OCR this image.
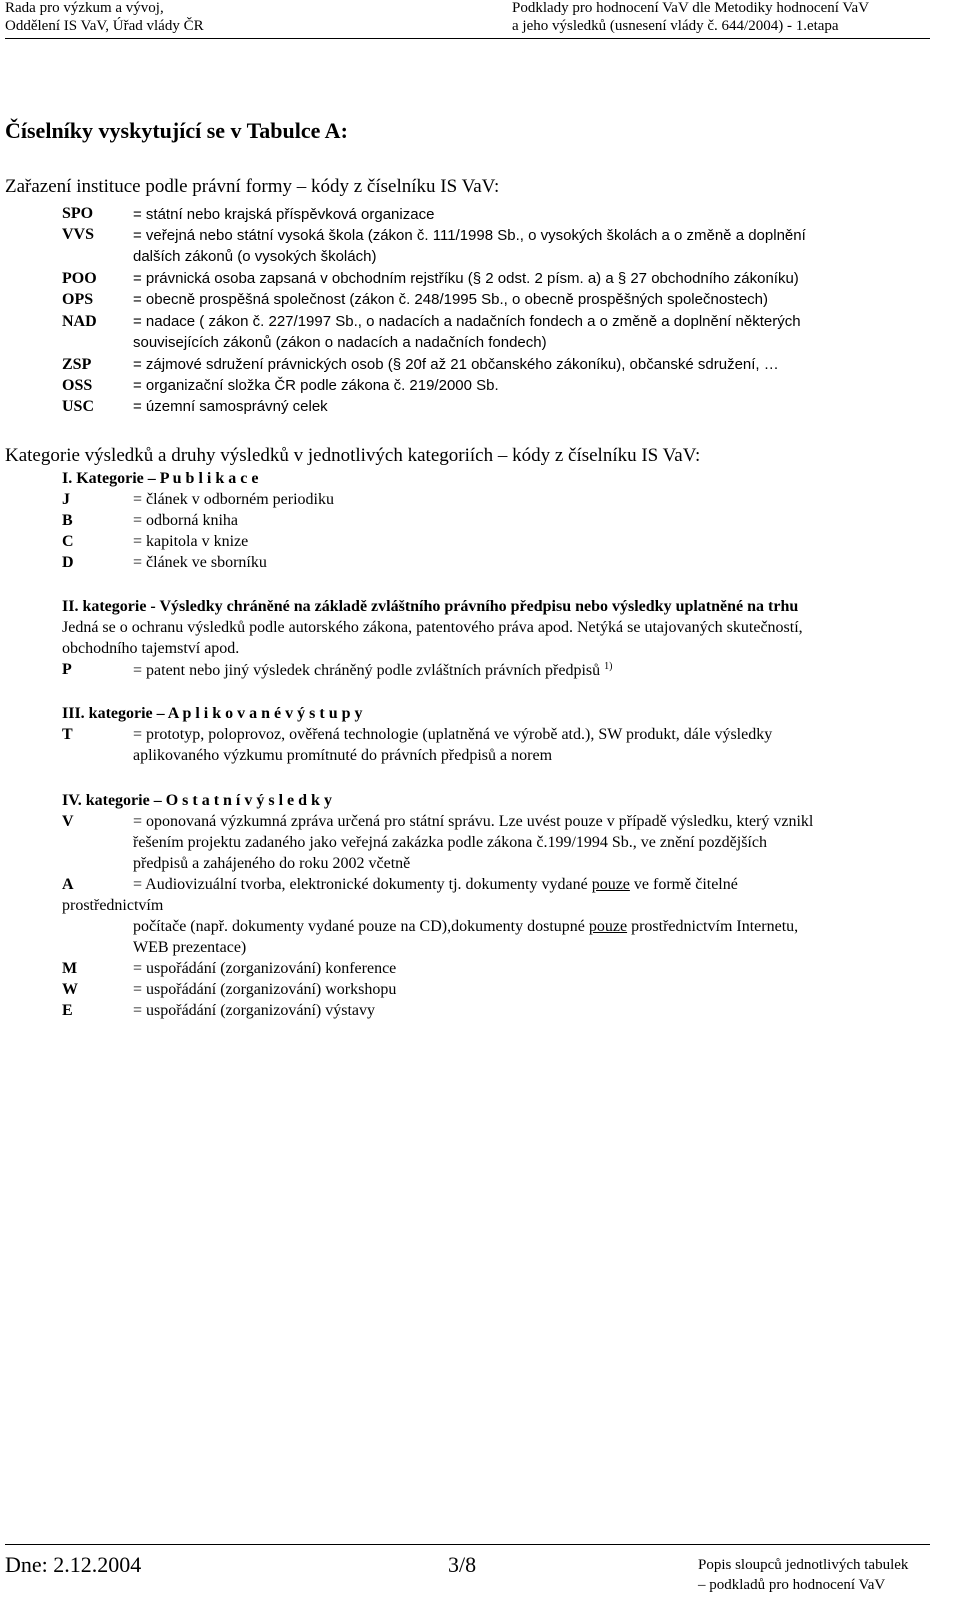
Rada pro výzkum a vývoj,
Oddělení IS VaV, Úřad vlády ČR
Podklady pro hodnocení VaV dle Metodiky hodnocení VaV
a jeho výsledků (usnesení vlády č. 644/2004) - 1.etapa
Číselníky vyskytující se v Tabulce A:
Zařazení instituce podle právní formy – kódy z číselníku IS VaV:
SPO	= státní nebo krajská příspěvková organizace
VVS	= veřejná nebo státní vysoká škola (zákon č. 111/1998 Sb., o vysokých školách a o změně a doplnění
dalších zákonů (o vysokých školách)
POO = právnická osoba zapsaná v obchodním rejstříku (§ 2 odst. 2 písm. a) a § 27 obchodního zákoníku)
OPS	= obecně prospěšná společnost (zákon č. 248/1995 Sb., o obecně prospěšných společnostech)
NAD = nadace ( zákon č. 227/1997 Sb., o nadacích a nadačních fondech a o změně a doplnění některých
souvisejících zákonů (zákon o nadacích a nadačních fondech)
ZSP	= zájmové sdružení právnických osob (§ 20f až 21 občanského zákoníku), občanské sdružení, …
OSS	= organizační složka ČR podle zákona č. 219/2000 Sb.
USC	= územní samosprávný celek
Kategorie výsledků a druhy výsledků v jednotlivých kategoriích – kódy z číselníku IS VaV:
I. Kategorie – P u b l i k a c e
J	= článek v odborném periodiku
B	= odborná kniha
C	= kapitola v knize
D	= článek ve sborníku
II. kategorie - Výsledky chráněné na základě zvláštního právního předpisu nebo výsledky uplatněné na trhu
Jedná se o ochranu výsledků podle autorského zákona, patentového práva apod. Netýká se utajovaných skutečností,
obchodního tajemství apod.
P	= patent nebo jiný výsledek chráněný podle zvláštních právních předpisů $^{1)}$
III. kategorie – A p l i k o v a n é v ý s t u p y
T	= prototyp, poloprovoz, ověřená technologie (uplatněná ve výrobě atd.), SW produkt, dále výsledky
aplikovaného výzkumu promítnuté do právních předpisů a norem
IV. kategorie – O s t a t n í v ý s l e d k y
V	= oponovaná výzkumná zpráva určená pro státní správu. Lze uvést pouze v případě výsledku, který vznikl
řešením projektu zadaného jako veřejná zakázka podle zákona č.199/1994 Sb., ve znění pozdějších
předpisů a zahájeného do roku 2002 včetně
A	= Audiovizuální tvorba, elektronické dokumenty tj. dokumenty vydané pouze ve formě čitelné
prostřednictvím
počítače (např. dokumenty vydané pouze na CD),dokumenty dostupné pouze prostřednictvím Internetu,
WEB prezentace)
M	= uspořádání (zorganizování) konference
W	= uspořádání (zorganizování) workshopu
E	= uspořádání (zorganizování) výstavy
Dne: 2.12.2004	3/8	Popis sloupců jednotlivých tabulek
– podkladů pro hodnocení VaV
